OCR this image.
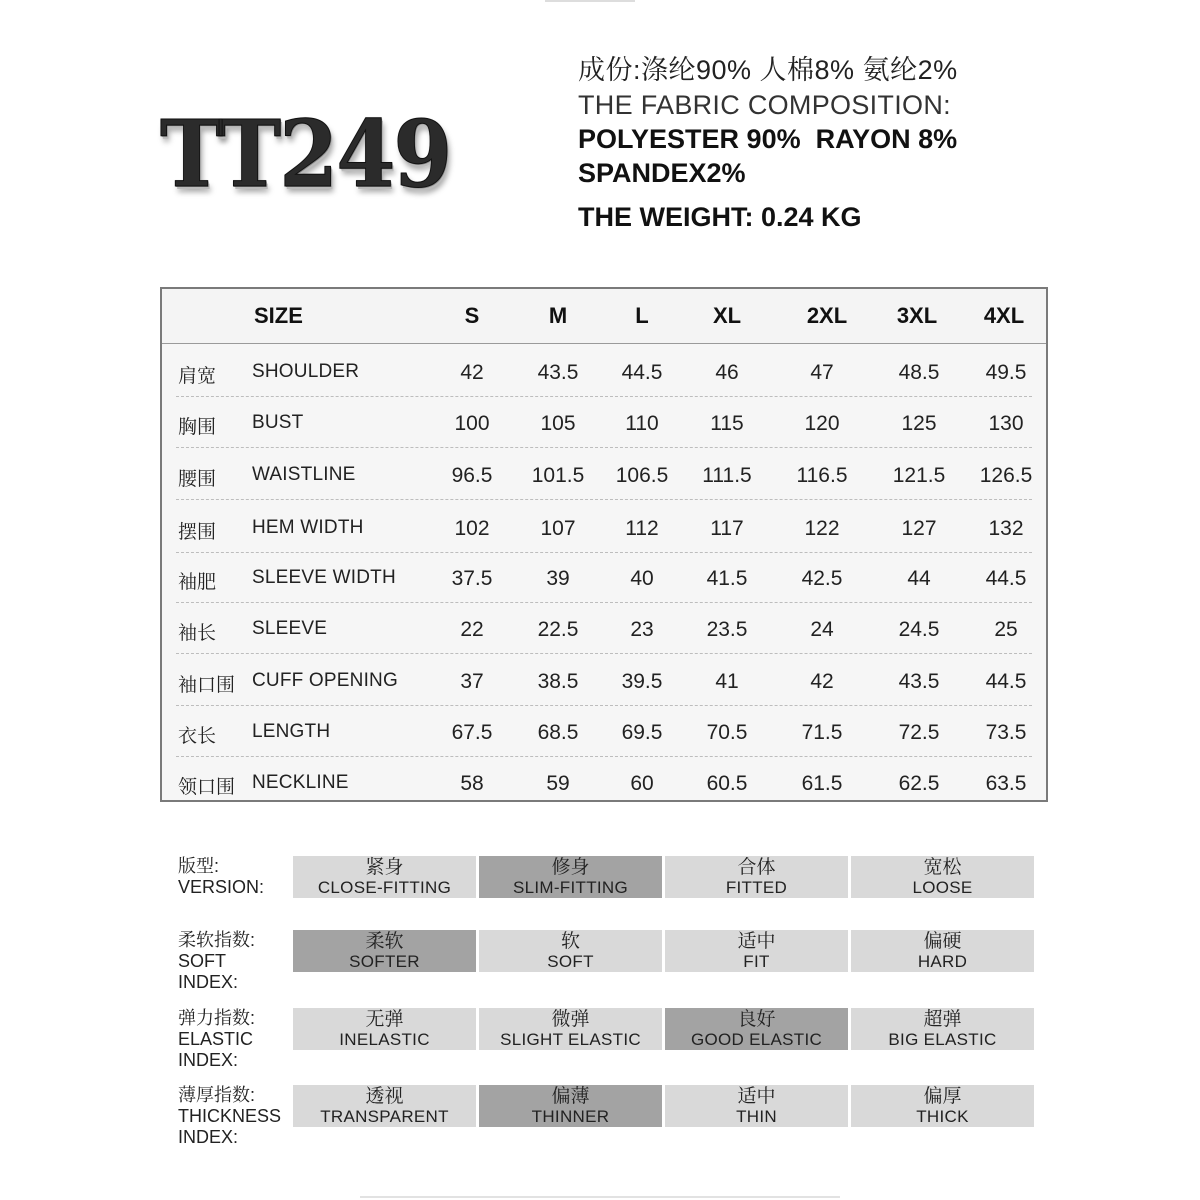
TT249
成份:涤纶90% 人棉8% 氨纶2%
THE FABRIC COMPOSITION:
POLYESTER 90%  RAYON 8%
SPANDEX2%
THE WEIGHT: 0.24 KG
SIZE	S	M	L	XL	2XL 3XL 4XL
肩宽 SHOULDER	42	43.5 44.5	46	47	48.5 49.5
胸围 BUST	100 105 110 115	120	125 130
腰围 WAISTLINE	96.5 101.5 106.5 111.5 116.5 121.5 126.5
摆围 HEM WIDTH	102 107 112 117	122	127 132
袖肥 SLEEVE WIDTH	37.5	39	40	41.5	42.5	44	44.5
袖长 SLEEVE	22	22.5 23	23.5	24	24.5	25
袖口围 CUFF OPENING	37	38.5 39.5	41	42	43.5 44.5
衣长 LENGTH	67.5 68.5 69.5 70.5	71.5	72.5 73.5
领口围 NECKLINE	58	59	60	60.5	61.5	62.5 63.5
版型:
VERSION:
紧身
CLOSE-FITTING
修身
SLIM-FITTING
合体
FITTED
宽松
LOOSE
柔软指数:
SOFT
INDEX:
柔软
SOFTER
软
SOFT
适中
FIT
偏硬
HARD
弹力指数:
ELASTIC
INDEX:
无弹
INELASTIC
微弹
SLIGHT ELASTIC
良好
GOOD ELASTIC
超弹
BIG ELASTIC
薄厚指数:
THICKNESS
INDEX:
透视
TRANSPARENT
偏薄
THINNER
适中
THIN
偏厚
THICK
